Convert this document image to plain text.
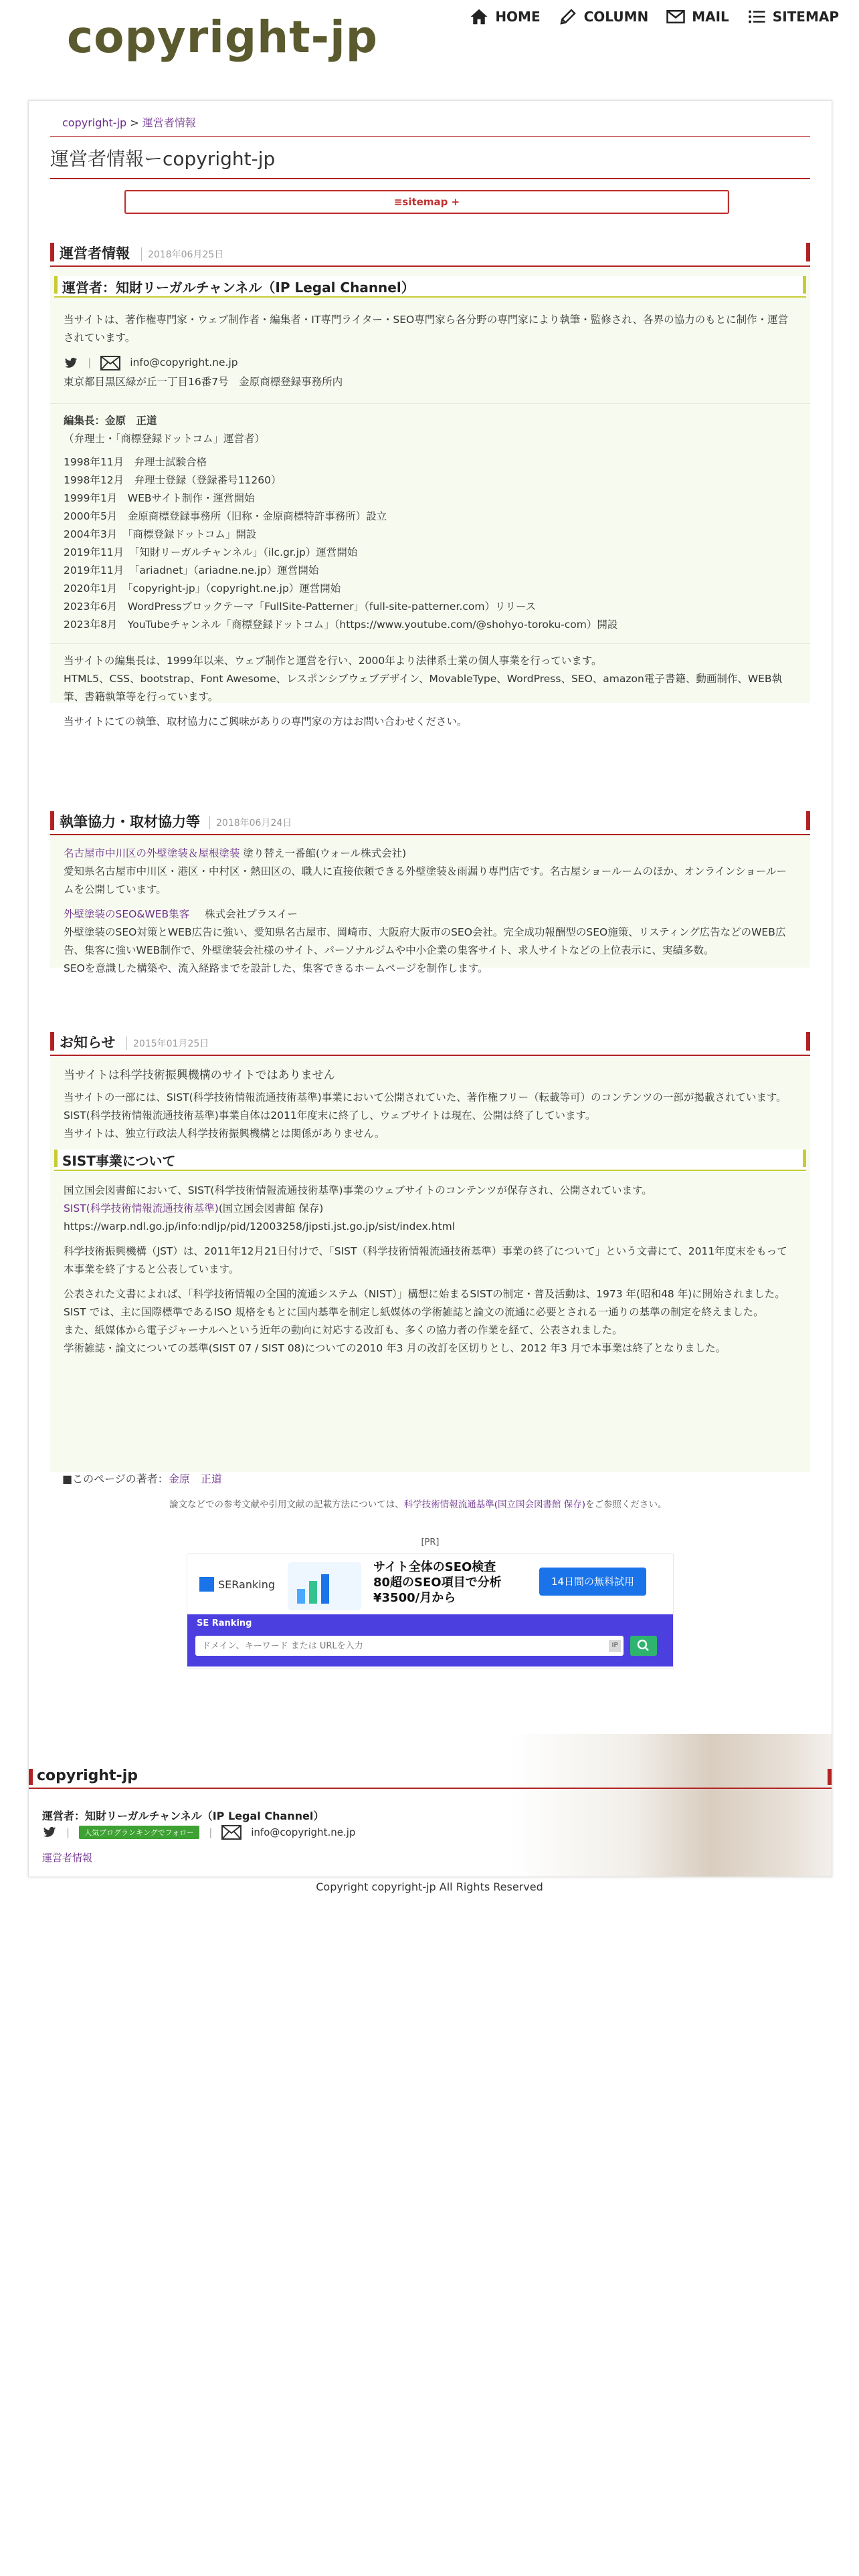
copyright-jp	HOME	COLUMN	MAIL	SITEMAP
copyright-jp > 運営者情報
運営者情報ーcopyright-jp
≡sitemap +
運営者情報	2018年06月25日
運営者：知財リーガルチャンネル（IP Legal Channel）

当サイトは、著作権専門家・ウェブ制作者・編集者・IT専門ライター・SEO専門家ら各分野の専門家により執筆・監修され、各界の協力のもとに制作・運営されています。

|	info@copyright.ne.jp
東京都目黒区緑が丘一丁目16番7号　金原商標登録事務所内
編集長：金原　正道
（弁理士・「商標登録ドットコム」運営者）
1998年11月　弁理士試験合格
1998年12月　弁理士登録（登録番号11260）
1999年1月　WEBサイト制作・運営開始
2000年5月　金原商標登録事務所（旧称・金原商標特許事務所）設立
2004年3月　「商標登録ドットコム」開設
2019年11月　「知財リーガルチャンネル」（ilc.gr.jp）運営開始
2019年11月　「ariadnet」（ariadne.ne.jp）運営開始
2020年1月　「copyright-jp」（copyright.ne.jp）運営開始
2023年6月　WordPressブロックテーマ「FullSite-Patterner」（full-site-patterner.com）リリース
2023年8月　YouTubeチャンネル「商標登録ドットコム」（https://www.youtube.com/@shohyo-toroku-com）開設

当サイトの編集長は、1999年以来、ウェブ制作と運営を行い、2000年より法律系士業の個人事業を行っています。

HTML5、CSS、bootstrap、Font Awesome、レスポンシブウェブデザイン、MovableType、WordPress、SEO、amazon電子書籍、動画制作、WEB執筆、書籍執筆等を行っています。

当サイトにての執筆、取材協力にご興味がありの専門家の方はお問い合わせください。

執筆協力・取材協力等	2018年06月24日
名古屋市中川区の外壁塗装＆屋根塗装 塗り替え一番館(ウォール株式会社)

愛知県名古屋市中川区・港区・中村区・熱田区の、職人に直接依頼できる外壁塗装＆雨漏り専門店です。名古屋ショールームのほか、オンラインショールームを公開しています。

外壁塗装のSEO&WEB集客 株式会社プラスイー
外壁塗装のSEO対策とWEB広告に強い、愛知県名古屋市、岡崎市、大阪府大阪市のSEO会社。完全成功報酬型のSEO施策、リスティング広告などのWEB広告、集客に強いWEB制作で、外壁塗装会社様のサイト、パーソナルジムや中小企業の集客サイト、求人サイトなどの上位表示に、実績多数。
SEOを意識した構築や、流入経路までを設計した、集客できるホームページを制作します。
お知らせ	2015年01月25日
当サイトは科学技術振興機構のサイトではありません
当サイトの一部には、SIST(科学技術情報流通技術基準)事業において公開されていた、著作権フリー（転載等可）のコンテンツの一部が掲載されています。
SIST(科学技術情報流通技術基準)事業自体は2011年度末に終了し、ウェブサイトは現在、公開は終了しています。
当サイトは、独立行政法人科学技術振興機構とは関係がありません。
SIST事業について
国立国会図書館において、SIST(科学技術情報流通技術基準)事業のウェブサイトのコンテンツが保存され、公開されています。
SIST(科学技術情報流通技術基準)(国立国会図書館 保存)

https://warp.ndl.go.jp/info:ndljp/pid/12003258/jipsti.jst.go.jp/sist/index.html

科学技術振興機構（JST）は、2011年12月21日付けで、「SIST（科学技術情報流通技術基準）事業の終了について」という文書にて、2011年度末をもって本事業を終了すると公表しています。

公表された文書によれば、「科学技術情報の全国的流通システム（NIST）」構想に始まるSISTの制定・普及活動は、1973 年(昭和48 年)に開始されました。
SIST では、主に国際標準であるISO 規格をもとに国内基準を制定し紙媒体の学術雑誌と論文の流通に必要とされる一通りの基準の制定を終えました。
また、紙媒体から電子ジャーナルへという近年の動向に対応する改訂も、多くの協力者の作業を経て、公表されました。
学術雑誌・論文についての基準(SIST 07 / SIST 08)についての2010 年3 月の改訂を区切りとし、2012 年3 月で本事業は終了となりました。
■このページの著者：金原　正道
論文などでの参考文献や引用文献の記載方法については、科学技術情報流通基準(国立国会図書館 保存)をご参照ください。
[PR]
SERanking
サイト全体のSEO検査
80超のSEO項目で分析
¥3500/月から
14日間の無料試用
SE Ranking
ドメイン、キーワード または URLを入力
IP
copyright-jp
運営者：知財リーガルチャンネル（IP Legal Channel）
|	人気ブログランキングでフォロー	|	info@copyright.ne.jp
運営者情報
Copyright copyright-jp All Rights Reserved
